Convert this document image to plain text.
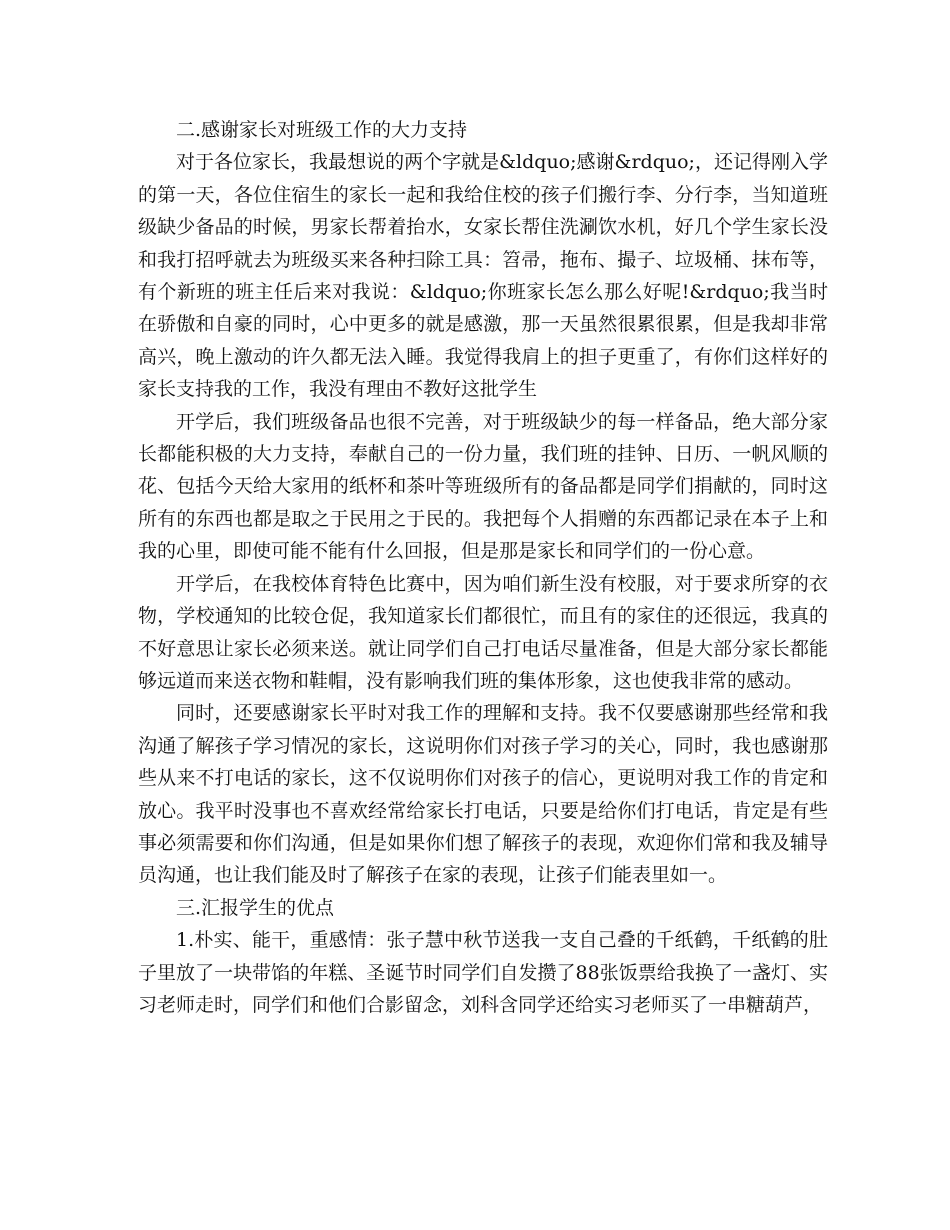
二.感谢家长对班级工作的大力支持

对于各位家长，我最想说的两个字就是&ldquo;感谢&rdquo;，还记得刚入学的第一天，各位住宿生的家长一起和我给住校的孩子们搬行李、分行李，当知道班级缺少备品的时候，男家长帮着抬水，女家长帮住洗涮饮水机，好几个学生家长没和我打招呼就去为班级买来各种扫除工具：笤帚，拖布、撮子、垃圾桶、抹布等，有个新班的班主任后来对我说：&ldquo;你班家长怎么那么好呢!&rdquo;我当时在骄傲和自豪的同时，心中更多的就是感激，那一天虽然很累很累，但是我却非常高兴，晚上激动的许久都无法入睡。我觉得我肩上的担子更重了，有你们这样好的家长支持我的工作，我没有理由不教好这批学生

开学后，我们班级备品也很不完善，对于班级缺少的每一样备品，绝大部分家长都能积极的大力支持，奉献自己的一份力量，我们班的挂钟、日历、一帆风顺的花、包括今天给大家用的纸杯和茶叶等班级所有的备品都是同学们捐献的，同时这所有的东西也都是取之于民用之于民的。我把每个人捐赠的东西都记录在本子上和我的心里，即使可能不能有什么回报，但是那是家长和同学们的一份心意。

开学后，在我校体育特色比赛中，因为咱们新生没有校服，对于要求所穿的衣物，学校通知的比较仓促，我知道家长们都很忙，而且有的家住的还很远，我真的不好意思让家长必须来送。就让同学们自己打电话尽量准备，但是大部分家长都能够远道而来送衣物和鞋帽，没有影响我们班的集体形象，这也使我非常的感动。

同时，还要感谢家长平时对我工作的理解和支持。我不仅要感谢那些经常和我沟通了解孩子学习情况的家长，这说明你们对孩子学习的关心，同时，我也感谢那些从来不打电话的家长，这不仅说明你们对孩子的信心，更说明对我工作的肯定和放心。我平时没事也不喜欢经常给家长打电话，只要是给你们打电话，肯定是有些事必须需要和你们沟通，但是如果你们想了解孩子的表现，欢迎你们常和我及辅导员沟通，也让我们能及时了解孩子在家的表现，让孩子们能表里如一。

三.汇报学生的优点

1.朴实、能干，重感情：张子慧中秋节送我一支自己叠的千纸鹤，千纸鹤的肚子里放了一块带馅的年糕、圣诞节时同学们自发攒了88张饭票给我换了一盏灯、实习老师走时，同学们和他们合影留念，刘科含同学还给实习老师买了一串糖葫芦，
